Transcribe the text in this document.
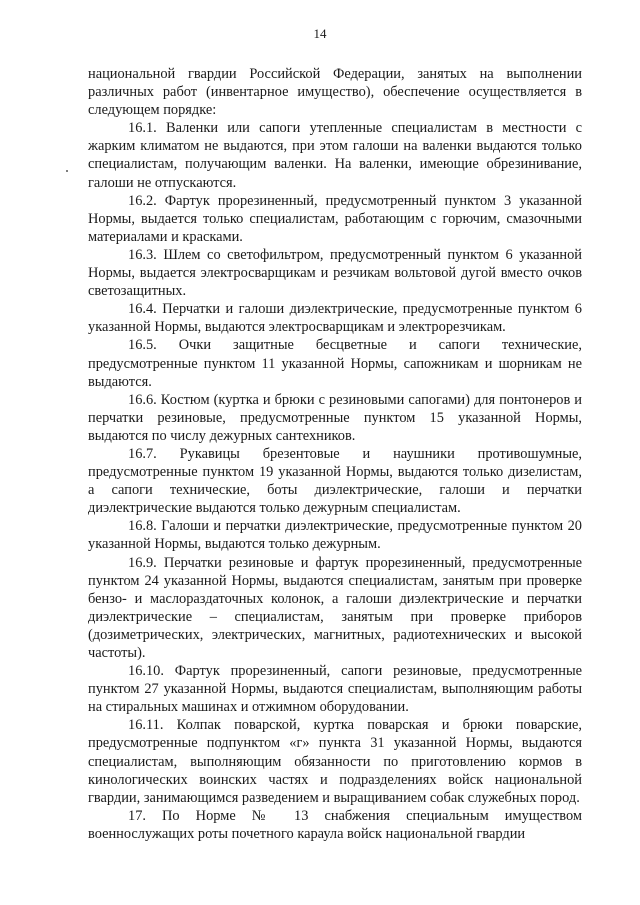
14

национальной гвардии Российской Федерации, занятых на выполнении различных работ (инвентарное имущество), обеспечение осуществляется в следующем порядке:

16.1. Валенки или сапоги утепленные специалистам в местности с жарким климатом не выдаются, при этом галоши на валенки выдаются только специалистам, получающим валенки. На валенки, имеющие обрезинивание, галоши не отпускаются.

16.2. Фартук прорезиненный, предусмотренный пунктом 3 указанной Нормы, выдается только специалистам, работающим с горючим, смазочными материалами и красками.

16.3. Шлем со светофильтром, предусмотренный пунктом 6 указанной Нормы, выдается электросварщикам и резчикам вольтовой дугой вместо очков светозащитных.

16.4. Перчатки и галоши диэлектрические, предусмотренные пунктом 6 указанной Нормы, выдаются электросварщикам и электрорезчикам.

16.5. Очки защитные бесцветные и сапоги технические, предусмотренные пунктом 11 указанной Нормы, сапожникам и шорникам не выдаются.

16.6. Костюм (куртка и брюки с резиновыми сапогами) для понтонеров и перчатки резиновые, предусмотренные пунктом 15 указанной Нормы, выдаются по числу дежурных сантехников.

16.7. Рукавицы брезентовые и наушники противошумные, предусмотренные пунктом 19 указанной Нормы, выдаются только дизелистам, а сапоги технические, боты диэлектрические, галоши и перчатки диэлектрические выдаются только дежурным специалистам.

16.8. Галоши и перчатки диэлектрические, предусмотренные пунктом 20 указанной Нормы, выдаются только дежурным.

16.9. Перчатки резиновые и фартук прорезиненный, предусмотренные пунктом 24 указанной Нормы, выдаются специалистам, занятым при проверке бензо- и маслораздаточных колонок, а галоши диэлектрические и перчатки диэлектрические – специалистам, занятым при проверке приборов (дозиметрических, электрических, магнитных, радиотехнических и высокой частоты).

16.10. Фартук прорезиненный, сапоги резиновые, предусмотренные пунктом 27 указанной Нормы, выдаются специалистам, выполняющим работы на стиральных машинах и отжимном оборудовании.

16.11. Колпак поварской, куртка поварская и брюки поварские, предусмотренные подпунктом «г» пункта 31 указанной Нормы, выдаются специалистам, выполняющим обязанности по приготовлению кормов в кинологических воинских частях и подразделениях войск национальной гвардии, занимающимся разведением и выращиванием собак служебных пород.

17. По Норме № 13 снабжения специальным имуществом военнослужащих роты почетного караула войск национальной гвардии
